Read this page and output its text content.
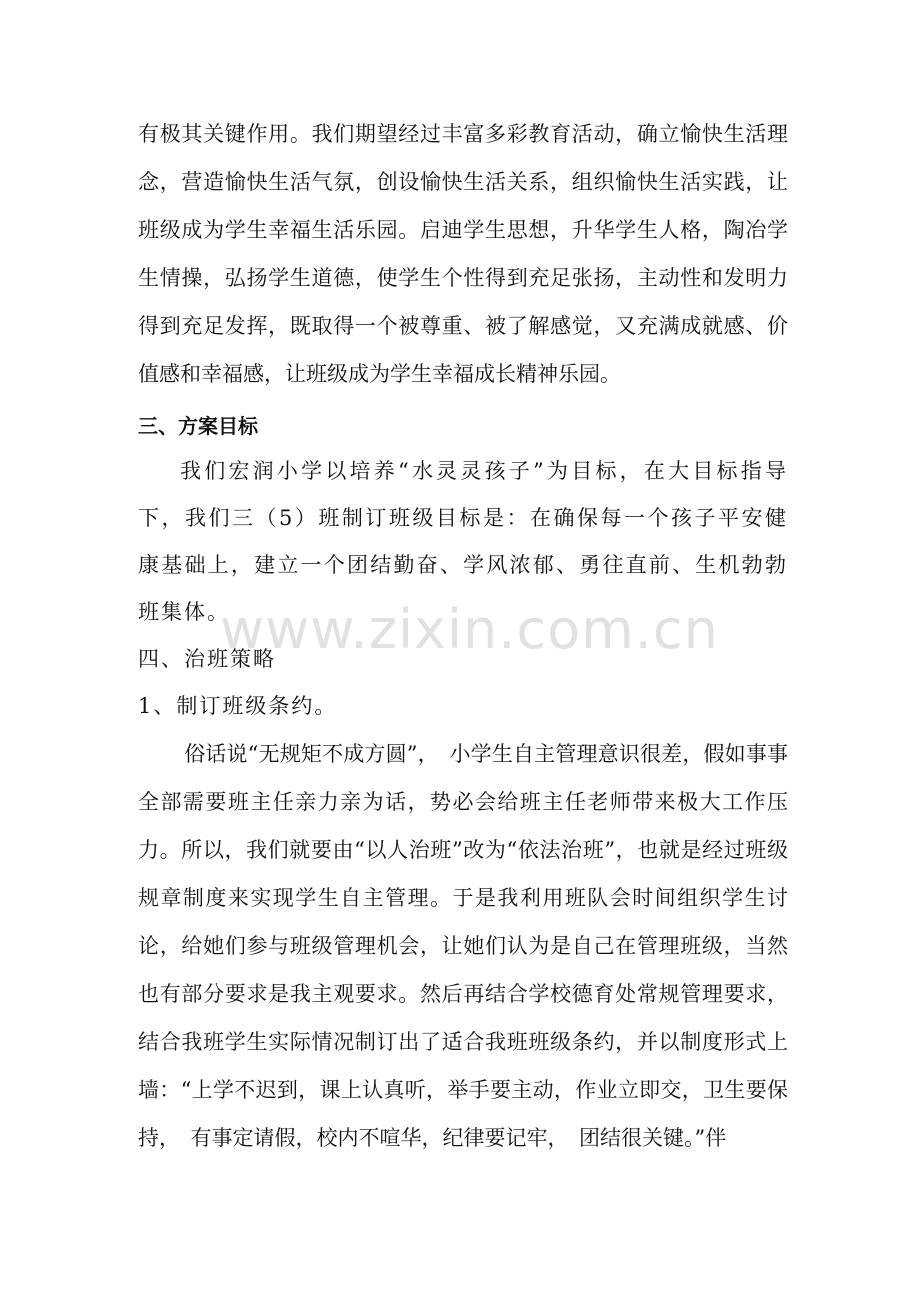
有极其关键作用。我们期望经过丰富多彩教育活动，确立愉快生活理念，营造愉快生活气氛，创设愉快生活关系，组织愉快生活实践，让班级成为学生幸福生活乐园。启迪学生思想，升华学生人格，陶冶学生情操，弘扬学生道德，使学生个性得到充足张扬，主动性和发明力得到充足发挥，既取得一个被尊重、被了解感觉，又充满成就感、价值感和幸福感，让班级成为学生幸福成长精神乐园。

三、方案目标

我们宏润小学以培养“水灵灵孩子”为目标，在大目标指导下，我们三（5）班制订班级目标是：在确保每一个孩子平安健康基础上，建立一个团结勤奋、学风浓郁、勇往直前、生机勃勃班集体。

四、治班策略

1、制订班级条约。

俗话说“无规矩不成方圆”，　小学生自主管理意识很差，假如事事全部需要班主任亲力亲为话，势必会给班主任老师带来极大工作压力。所以，我们就要由“以人治班”改为“依法治班”，也就是经过班级规章制度来实现学生自主管理。于是我利用班队会时间组织学生讨论，给她们参与班级管理机会，让她们认为是自己在管理班级，当然也有部分要求是我主观要求。然后再结合学校德育处常规管理要求，结合我班学生实际情况制订出了适合我班班级条约，并以制度形式上墙：“上学不迟到，课上认真听，举手要主动，作业立即交，卫生要保持，　有事定请假，校内不喧华，纪律要记牢，　团结很关键。”伴

www.zixin.com.cn
